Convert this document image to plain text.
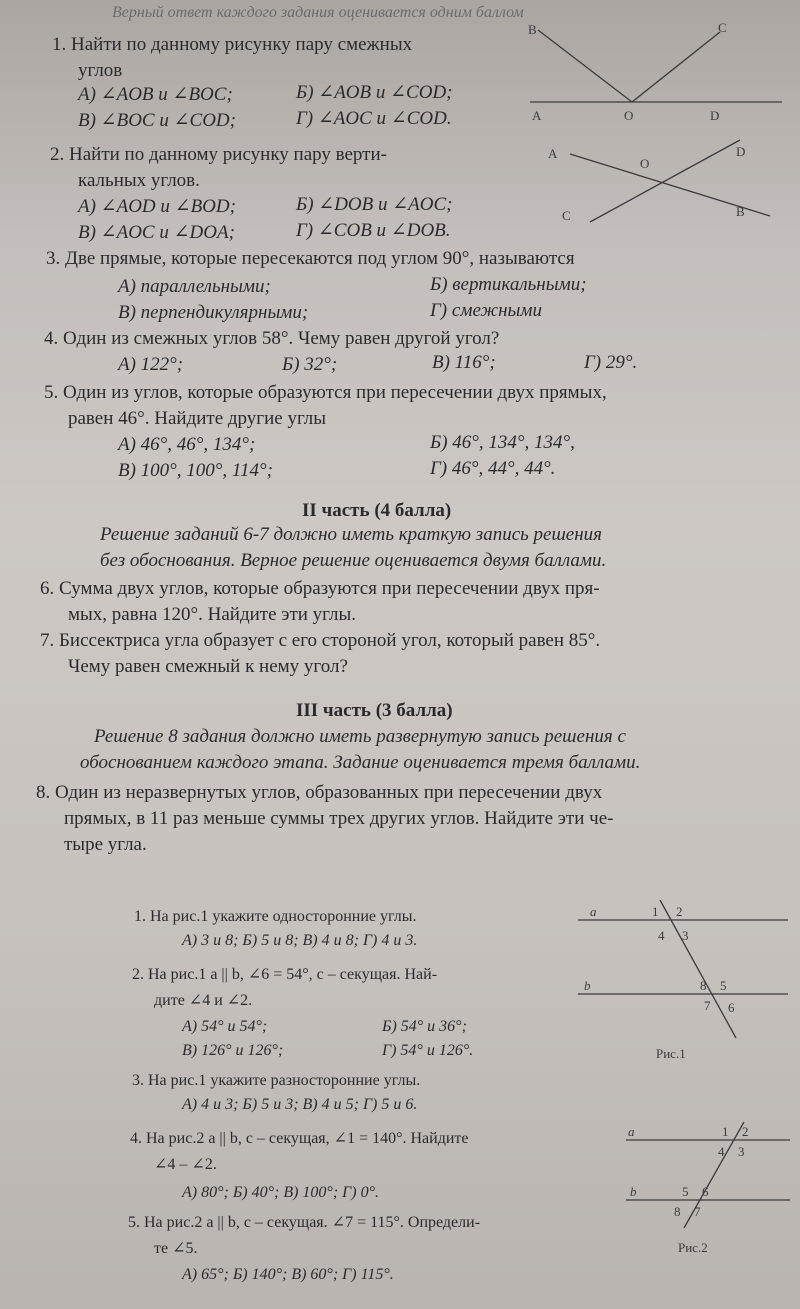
Верный ответ каждого задания оценивается одним баллом
1. Найти по данному рисунку пару смежных
углов
А) ∠AOB и ∠BOC;	Б) ∠AOB и ∠COD;
В) ∠BOC и ∠COD;	Г) ∠AOC и ∠COD.
B	C
A	O	D
2. Найти по данному рисунку пару верти-
кальных углов.
А) ∠AOD и ∠BOD;	Б) ∠DOB и ∠AOC;
В) ∠AOC и ∠DOA;	Г) ∠COB и ∠DOB.
A	D
O
C	B
3. Две прямые, которые пересекаются под углом 90°, называются
А) параллельными;	Б) вертикальными;
В) перпендикулярными;	Г) смежными
4. Один из смежных углов 58°. Чему равен другой угол?
А) 122°;	Б) 32°;	В) 116°;	Г) 29°.
5. Один из углов, которые образуются при пересечении двух прямых,
равен 46°. Найдите другие углы
А) 46°, 46°, 134°;	Б) 46°, 134°, 134°,
В) 100°, 100°, 114°;	Г) 46°, 44°, 44°.
II часть (4 балла)
Решение заданий 6-7 должно иметь краткую запись решения
без обоснования. Верное решение оценивается двумя баллами.
6. Сумма двух углов, которые образуются при пересечении двух пря-
мых, равна 120°. Найдите эти углы.
7. Биссектриса угла образует с его стороной угол, который равен 85°.
Чему равен смежный к нему угол?
III часть (3 балла)
Решение 8 задания должно иметь развернутую запись решения с
обоснованием каждого этапа. Задание оценивается тремя баллами.
8. Один из неразвернутых углов, образованных при пересечении двух
прямых, в 11 раз меньше суммы трех других углов. Найдите эти че-
тыре угла.
1. На рис.1 укажите односторонние углы.
А) 3 и 8; Б) 5 и 8; В) 4 и 8; Г) 4 и 3.
2. На рис.1 a || b, ∠6 = 54°, c – секущая. Най-
дите ∠4 и ∠2.
А) 54° и 54°;	Б) 54° и 36°;
В) 126° и 126°;	Г) 54° и 126°.
3. На рис.1 укажите разносторонние углы.
А) 4 и 3; Б) 5 и 3; В) 4 и 5; Г) 5 и 6.
4. На рис.2 a || b, c – секущая, ∠1 = 140°. Найдите
∠4 – ∠2.
А) 80°; Б) 40°; В) 100°; Г) 0°.
5. На рис.2 a || b, c – секущая. ∠7 = 115°. Определи-
те ∠5.
А) 65°; Б) 140°; В) 60°; Г) 115°.
a
b
1 2
4 3
8 5
7 6
Рис.1
a
b
1 2
4 3
5 6
8 7
Рис.2
